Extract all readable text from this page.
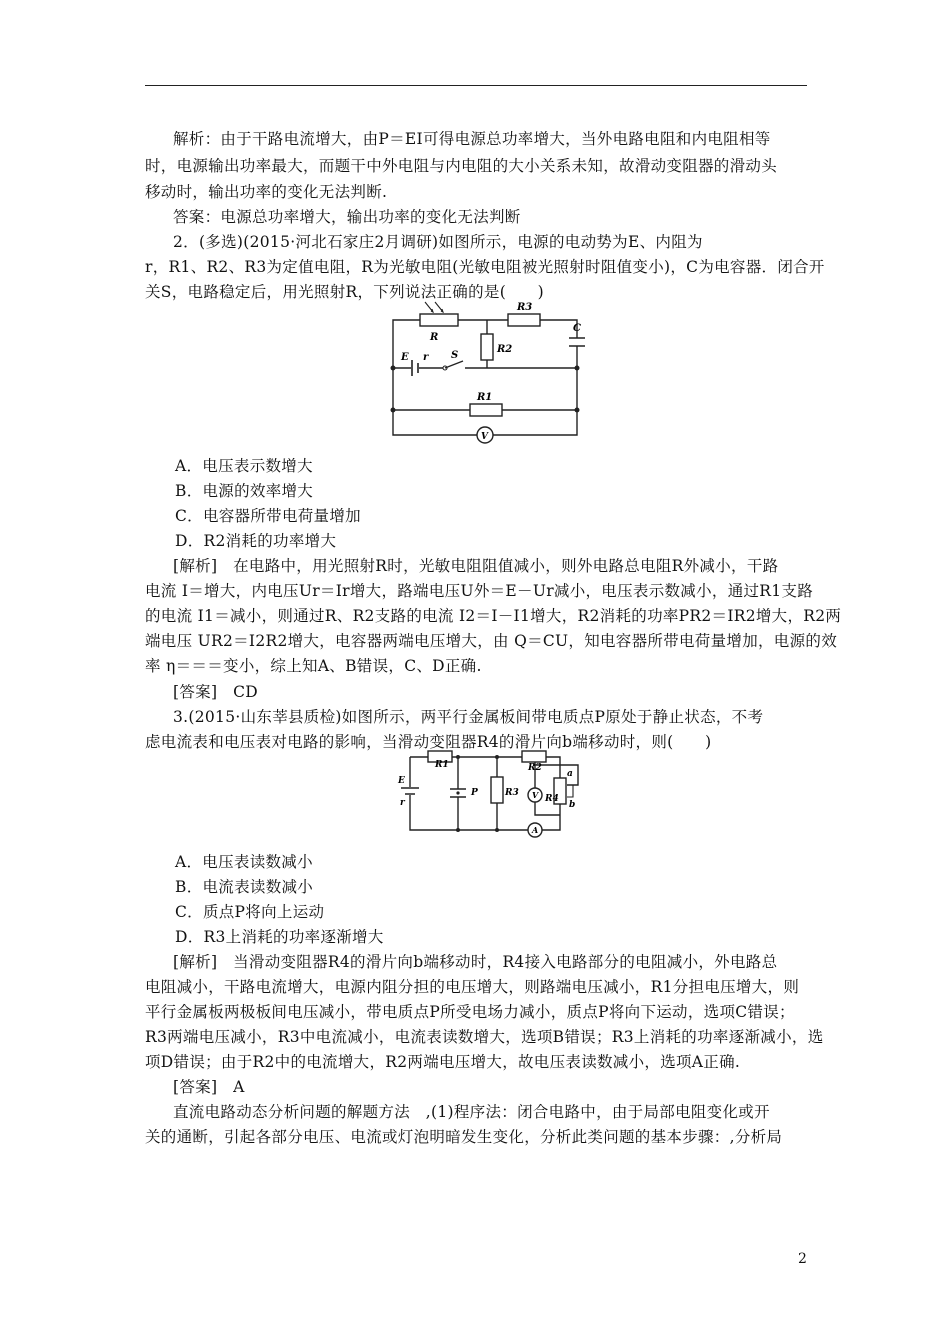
解析：由于干路电流增大，由P＝EI可得电源总功率增大，当外电路电阻和内电阻相等
时，电源输出功率最大，而题干中外电阻与内电阻的大小关系未知，故滑动变阻器的滑动头
移动时，输出功率的变化无法判断.
答案：电源总功率增大，输出功率的变化无法判断
2．(多选)(2015·河北石家庄2月调研)如图所示，电源的电动势为E、内阻为
r，R1、R2、R3为定值电阻，R为光敏电阻(光敏电阻被光照射时阻值变小)，C为电容器．闭合开
关S，电路稳定后，用光照射R，下列说法正确的是(　　)
R
R3
R2
C
E r S
R1
V
A．电压表示数增大
B．电源的效率增大
C．电容器所带电荷量增加
D．R2消耗的功率增大
[解析]　在电路中，用光照射R时，光敏电阻阻值减小，则外电路总电阻R外减小，干路
电流 I＝增大，内电压Ur＝Ir增大，路端电压U外＝E－Ur减小，电压表示数减小，通过R1支路
的电流 I1＝减小，则通过R、R2支路的电流 I2＝I－I1增大，R2消耗的功率PR2＝IR2增大，R2两
端电压 UR2＝I2R2增大，电容器两端电压增大，由 Q＝CU，知电容器所带电荷量增加，电源的效
率 η＝＝＝变小，综上知A、B错误，C、D正确.
[答案]　CD
3.(2015·山东莘县质检)如图所示，两平行金属板间带电质点P原处于静止状态，不考
虑电流表和电压表对电路的影响，当滑动变阻器R4的滑片向b端移动时，则(　　)
R1	R2
E
r
P	R3 V R4
a
b
A
A．电压表读数减小
B．电流表读数减小
C．质点P将向上运动
D．R3上消耗的功率逐渐增大
[解析]　当滑动变阻器R4的滑片向b端移动时，R4接入电路部分的电阻减小，外电路总
电阻减小，干路电流增大，电源内阻分担的电压增大，则路端电压减小，R1分担电压增大，则
平行金属板两极板间电压减小，带电质点P所受电场力减小，质点P将向下运动，选项C错误；
R3两端电压减小，R3中电流减小，电流表读数增大，选项B错误；R3上消耗的功率逐渐减小，选
项D错误；由于R2中的电流增大，R2两端电压增大，故电压表读数减小，选项A正确.
[答案]　A
直流电路动态分析问题的解题方法　,(1)程序法：闭合电路中，由于局部电阻变化或开
关的通断，引起各部分电压、电流或灯泡明暗发生变化，分析此类问题的基本步骤：,分析局
2
